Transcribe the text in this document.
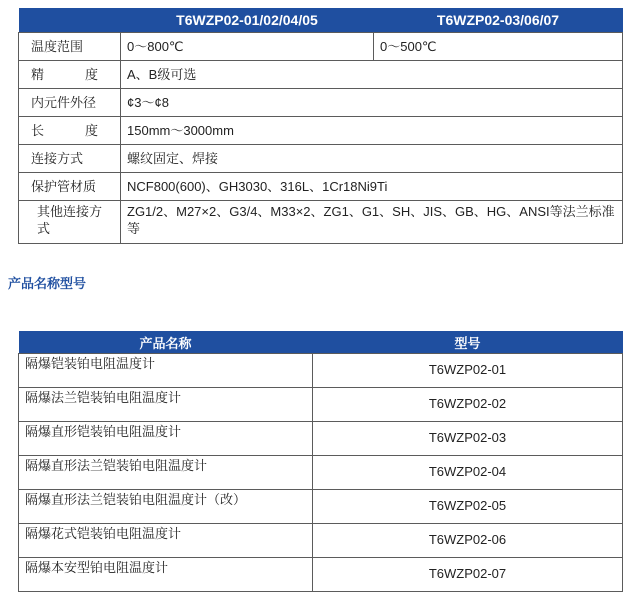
	T6WZP02-01/02/04/05	T6WZP02-03/06/07
温度范围	0～800℃	0～500℃
精度	A、B级可选	
内元件外径	¢3～¢8	
长度	150mm～3000mm	
连接方式	螺纹固定、焊接	
保护管材质	NCF800(600)、GH3030、316L、1Cr18Ni9Ti	
其他连接方式	ZG1/2、M27×2、G3/4、M33×2、ZG1、G1、SH、JIS、GB、HG、ANSI等法兰标准等	
产品名称型号
产品名称	型号
隔爆铠装铂电阻温度计	T6WZP02-01
隔爆法兰铠装铂电阻温度计	T6WZP02-02
隔爆直形铠装铂电阻温度计	T6WZP02-03
隔爆直形法兰铠装铂电阻温度计	T6WZP02-04
隔爆直形法兰铠装铂电阻温度计（改）	T6WZP02-05
隔爆花式铠装铂电阻温度计	T6WZP02-06
隔爆本安型铂电阻温度计	T6WZP02-07
